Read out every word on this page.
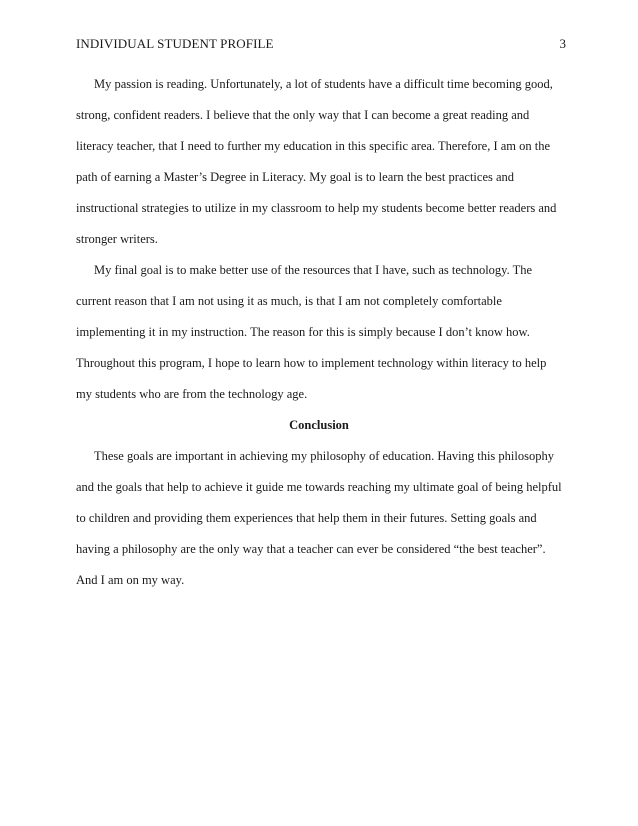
INDIVIDUAL STUDENT PROFILE	3

My passion is reading. Unfortunately, a lot of students have a difficult time becoming good, strong, confident readers. I believe that the only way that I can become a great reading and literacy teacher, that I need to further my education in this specific area. Therefore, I am on the path of earning a Master’s Degree in Literacy. My goal is to learn the best practices and instructional strategies to utilize in my classroom to help my students become better readers and stronger writers.

My final goal is to make better use of the resources that I have, such as technology. The current reason that I am not using it as much, is that I am not completely comfortable implementing it in my instruction. The reason for this is simply because I don’t know how. Throughout this program, I hope to learn how to implement technology within literacy to help my students who are from the technology age.

Conclusion

These goals are important in achieving my philosophy of education. Having this philosophy and the goals that help to achieve it guide me towards reaching my ultimate goal of being helpful to children and providing them experiences that help them in their futures. Setting goals and having a philosophy are the only way that a teacher can ever be considered “the best teacher”. And I am on my way.
